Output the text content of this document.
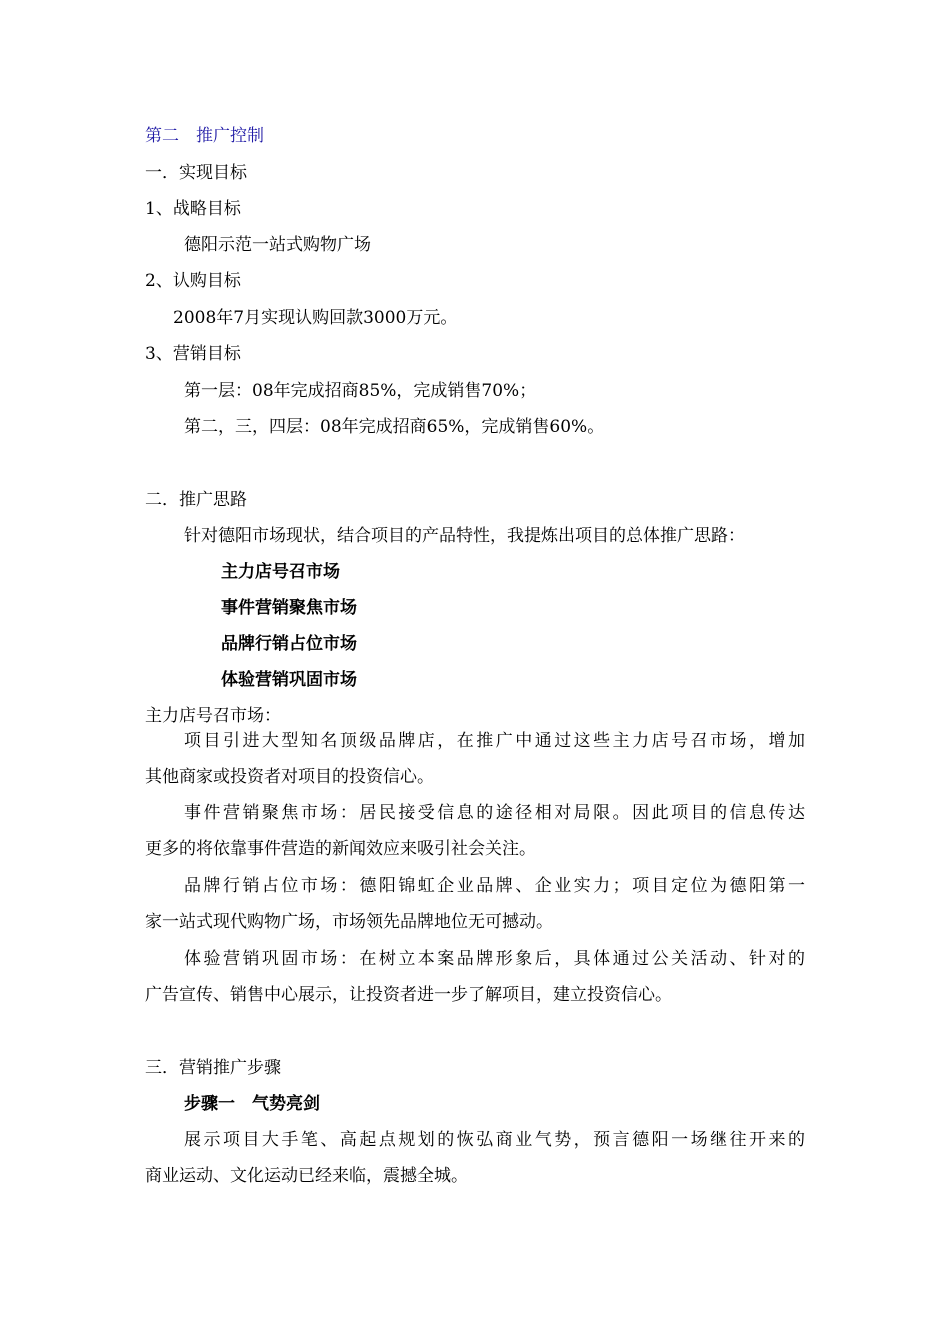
第二　推广控制
一．实现目标
1、战略目标
德阳示范一站式购物广场
2、认购目标
2008年7月实现认购回款3000万元。
3、营销目标
第一层：08年完成招商85%，完成销售70%；
第二，三，四层：08年完成招商65%，完成销售60%。
二．推广思路
针对德阳市场现状，结合项目的产品特性，我提炼出项目的总体推广思路：
主力店号召市场
事件营销聚焦市场
品牌行销占位市场
体验营销巩固市场
主力店号召市场：
项目引进大型知名顶级品牌店，在推广中通过这些主力店号召市场，增加
其他商家或投资者对项目的投资信心。
事件营销聚焦市场：居民接受信息的途径相对局限。因此项目的信息传达
更多的将依靠事件营造的新闻效应来吸引社会关注。
品牌行销占位市场：德阳锦虹企业品牌、企业实力；项目定位为德阳第一
家一站式现代购物广场，市场领先品牌地位无可撼动。
体验营销巩固市场：在树立本案品牌形象后，具体通过公关活动、针对的
广告宣传、销售中心展示，让投资者进一步了解项目，建立投资信心。
三．营销推广步骤
步骤一　气势亮剑
展示项目大手笔、高起点规划的恢弘商业气势，预言德阳一场继往开来的
商业运动、文化运动已经来临，震撼全城。
